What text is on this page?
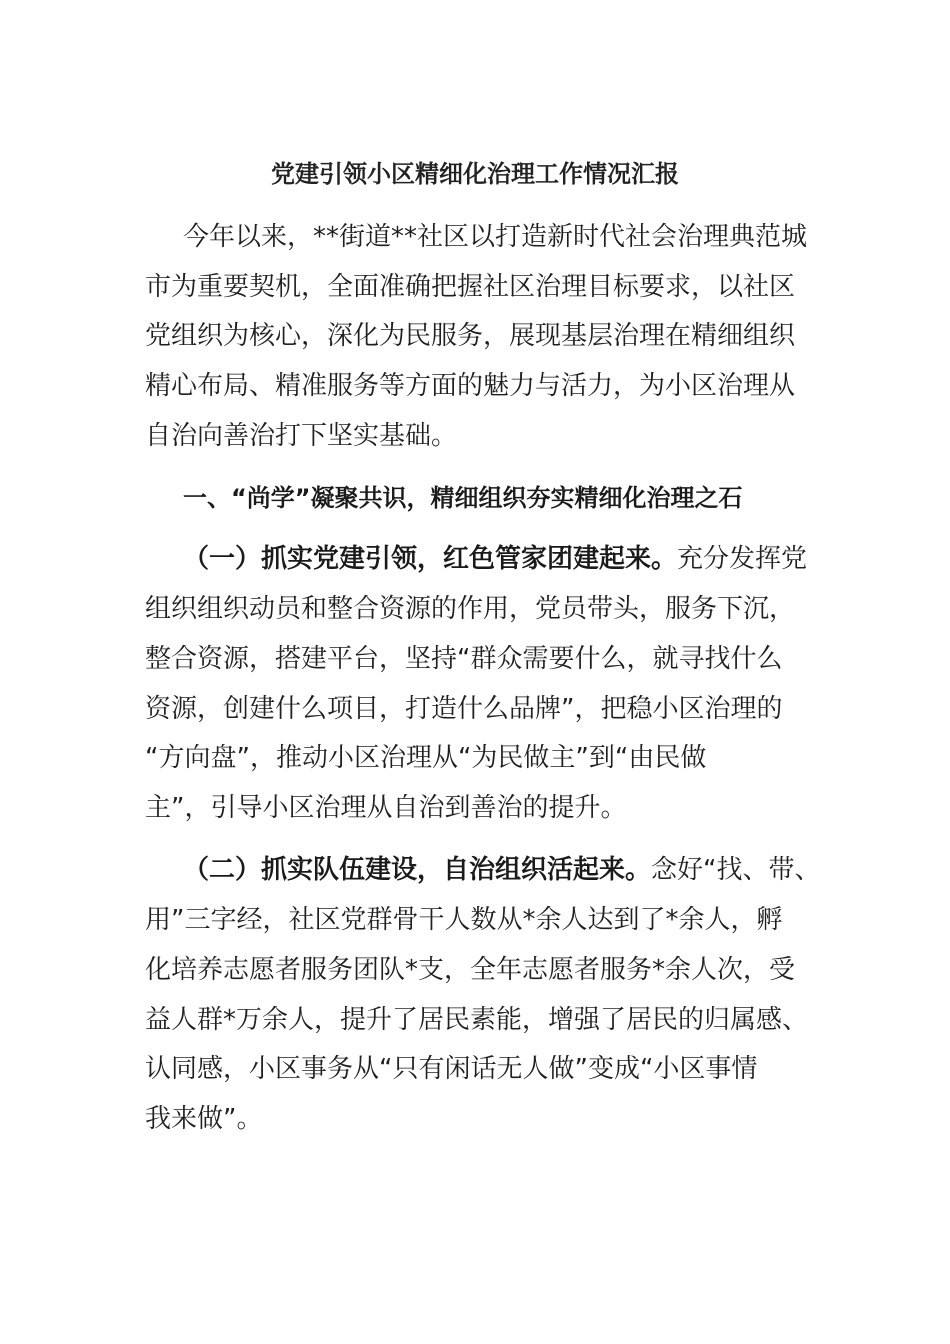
党建引领小区精细化治理工作情况汇报
今年以来，**街道**社区以打造新时代社会治理典范城
市为重要契机，全面准确把握社区治理目标要求，以社区
党组织为核心，深化为民服务，展现基层治理在精细组织
精心布局、精准服务等方面的魅力与活力，为小区治理从
自治向善治打下坚实基础。
一、“尚学”凝聚共识，精细组织夯实精细化治理之石
（一）抓实党建引领，红色管家团建起来。充分发挥党
组织组织动员和整合资源的作用，党员带头，服务下沉，
整合资源，搭建平台，坚持“群众需要什么，就寻找什么
资源，创建什么项目，打造什么品牌”，把稳小区治理的
“方向盘”，推动小区治理从“为民做主”到“由民做
主”，引导小区治理从自治到善治的提升。
（二）抓实队伍建设，自治组织活起来。念好“找、带、
用”三字经，社区党群骨干人数从*余人达到了*余人，孵
化培养志愿者服务团队*支，全年志愿者服务*余人次，受
益人群*万余人，提升了居民素能，增强了居民的归属感、
认同感，小区事务从“只有闲话无人做”变成“小区事情
我来做”。
